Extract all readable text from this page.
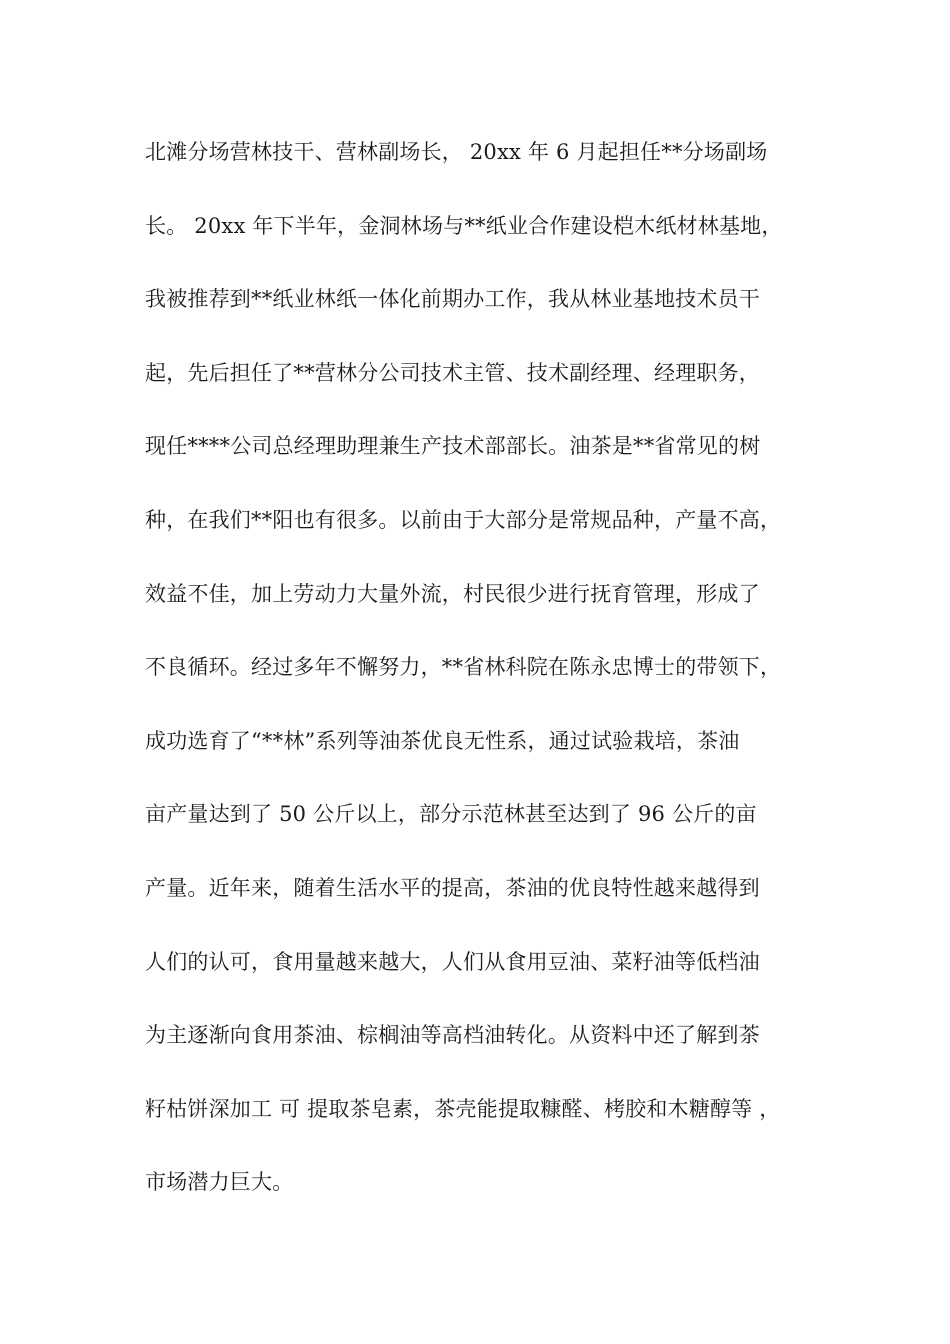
北滩分场营林技干、营林副场长， 20xx 年 6 月起担任**分场副场
长。 20xx 年下半年，金洞林场与**纸业合作建设桤木纸材林基地，
我被推荐到**纸业林纸一体化前期办工作，我从林业基地技术员干
起，先后担任了**营林分公司技术主管、技术副经理、经理职务，
现任****公司总经理助理兼生产技术部部长。油茶是**省常见的树
种，在我们**阳也有很多。以前由于大部分是常规品种，产量不高，
效益不佳，加上劳动力大量外流，村民很少进行抚育管理，形成了
不良循环。经过多年不懈努力，**省林科院在陈永忠博士的带领下，
成功选育了“**林”系列等油茶优良无性系，通过试验栽培，茶油
亩产量达到了 50 公斤以上，部分示范林甚至达到了 96 公斤的亩
产量。近年来，随着生活水平的提高，茶油的优良特性越来越得到
人们的认可，食用量越来越大，人们从食用豆油、菜籽油等低档油
为主逐渐向食用茶油、棕榈油等高档油转化。从资料中还了解到茶
籽枯饼深加工 可 提取茶皂素，茶壳能提取糠醛、栲胶和木糖醇等 ，
市场潜力巨大。
